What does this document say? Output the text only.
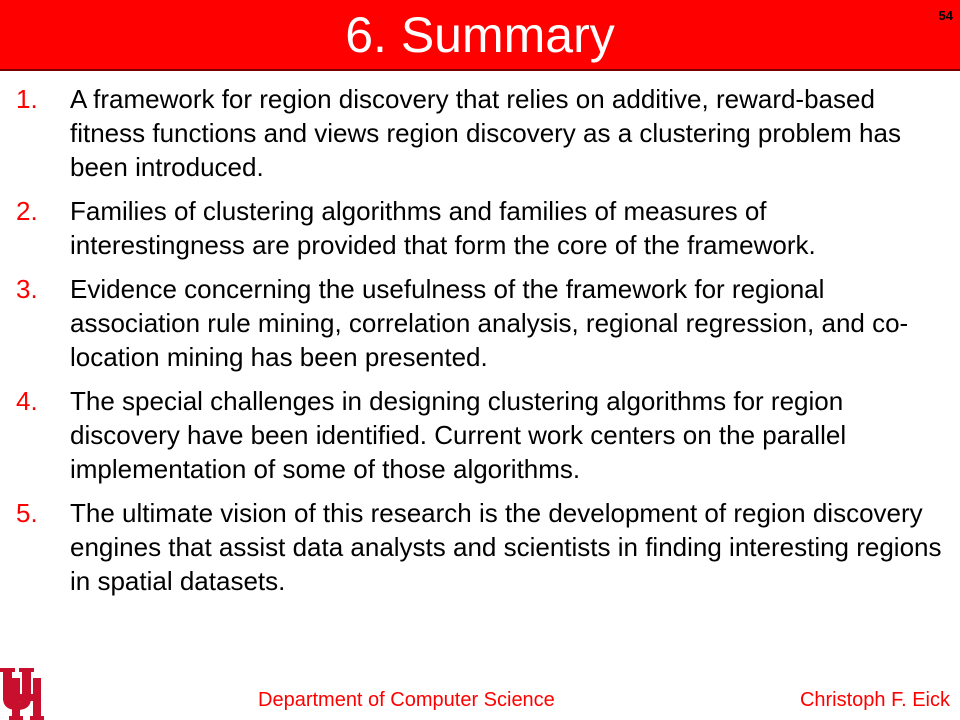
6. Summary	54
1.	A framework for region discovery that relies on additive, reward-based fitness functions and views region discovery as a clustering problem has been introduced.
2.	Families of clustering algorithms and families of measures of interestingness are provided that form the core of the framework.
3.	Evidence concerning the usefulness of the framework for regional association rule mining, correlation analysis, regional regression, and co-location mining has been presented.
4.	The special challenges in designing clustering algorithms for region discovery have been identified. Current work centers on the parallel implementation of some of those algorithms.
5.	The ultimate vision of this research is the development of region discovery engines that assist data analysts and scientists in finding interesting regions in spatial datasets.
Department of Computer Science	Christoph F. Eick
